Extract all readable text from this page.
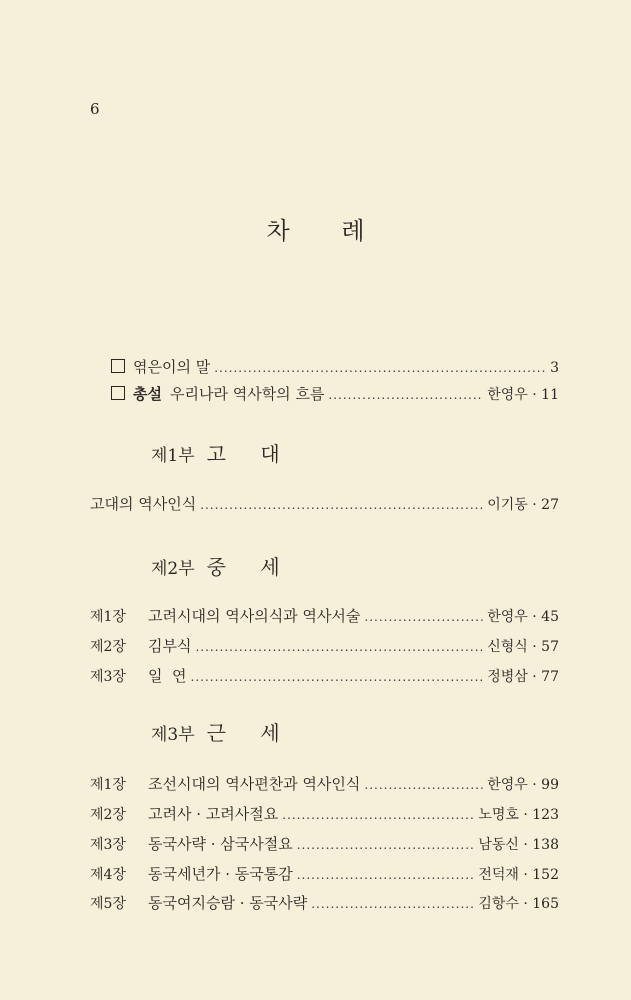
6
차 례
엮은이의 말 .....	3
총설 우리나라 역사학의 흐름 .....	한영우 · 11
제1부 고 대
고대의 역사인식 .....	이기동 · 27
제2부 중 세
제1장	고려시대의 역사의식과 역사서술 .....	한영우 · 45
제2장	김부식 .....	신형식 · 57
제3장	일  연 .....	정병삼 · 77
제3부 근 세
제1장	조선시대의 역사편찬과 역사인식 .....	한영우 · 99
제2장	고려사 · 고려사절요 .....	노명호 · 123
제3장	동국사략 · 삼국사절요 .....	남동신 · 138
제4장	동국세년가 · 동국통감 .....	전덕재 · 152
제5장	동국여지승람 · 동국사략 .....	김항수 · 165
